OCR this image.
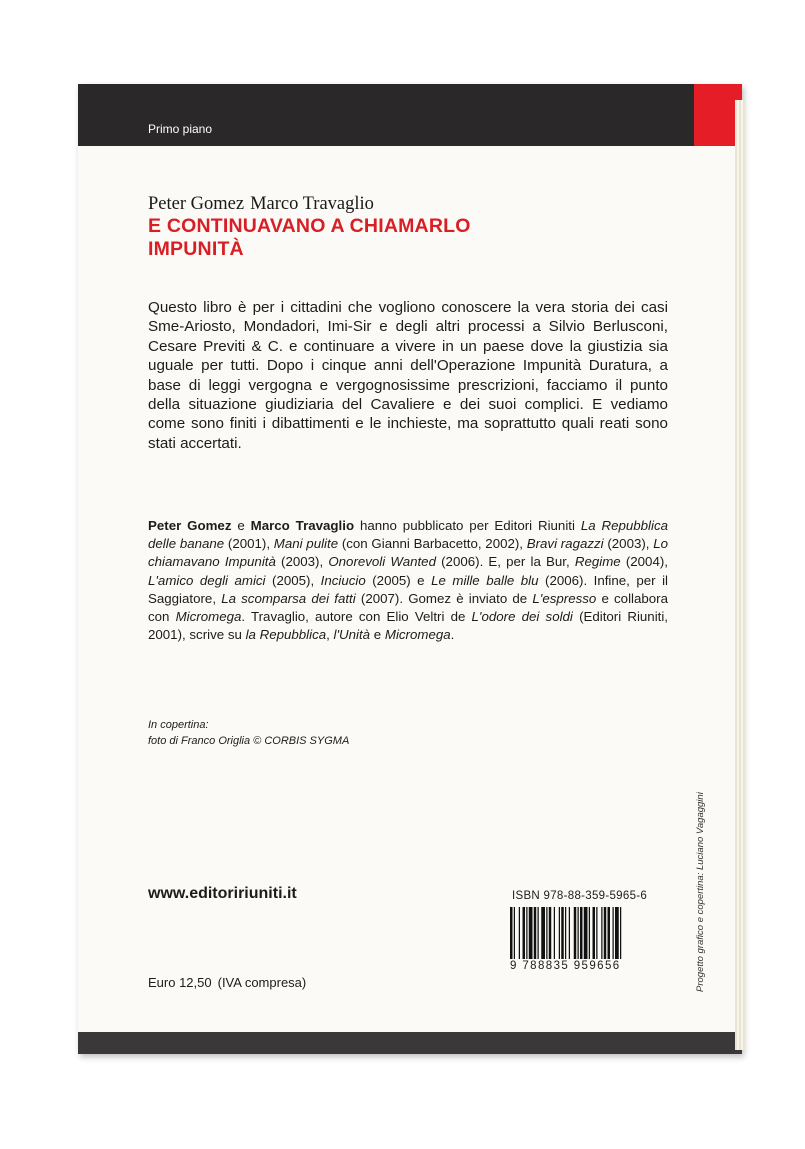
Primo piano
Peter Gomez Marco Travaglio
E CONTINUAVANO A CHIAMARLO
IMPUNITÀ

Questo libro è per i cittadini che vogliono conoscere la vera storia dei casi Sme-Ariosto, Mondadori, Imi-Sir e degli altri processi a Silvio Berlusconi, Cesare Previti & C. e continuare a vivere in un paese dove la giustizia sia uguale per tutti. Dopo i cinque anni dell'Operazione Impunità Duratura, a base di leggi vergogna e vergognosissime prescrizioni, facciamo il punto della situazione giudiziaria del Cavaliere e dei suoi complici. E vediamo come sono finiti i dibattimenti e le inchieste, ma soprattutto quali reati sono stati accertati.

Peter Gomez e Marco Travaglio hanno pubblicato per Editori Riuniti La Repubblica delle banane (2001), Mani pulite (con Gianni Barbacetto, 2002), Bravi ragazzi (2003), Lo chiamavano Impunità (2003), Onorevoli Wanted (2006). E, per la Bur, Regime (2004), L'amico degli amici (2005), Inciucio (2005) e Le mille balle blu (2006). Infine, per il Saggiatore, La scomparsa dei fatti (2007). Gomez è inviato de L'espresso e collabora con Micromega. Travaglio, autore con Elio Veltri de L'odore dei soldi (Editori Riuniti, 2001), scrive su la Repubblica, l'Unità e Micromega.

In copertina:
foto di Franco Origlia © CORBIS SYGMA
www.editoririuniti.it	ISBN 978-88-359-5965-6
9 788835 959656
Euro 12,50 (IVA compresa)	Progetto grafico e copertina: Luciano Vagaggini
